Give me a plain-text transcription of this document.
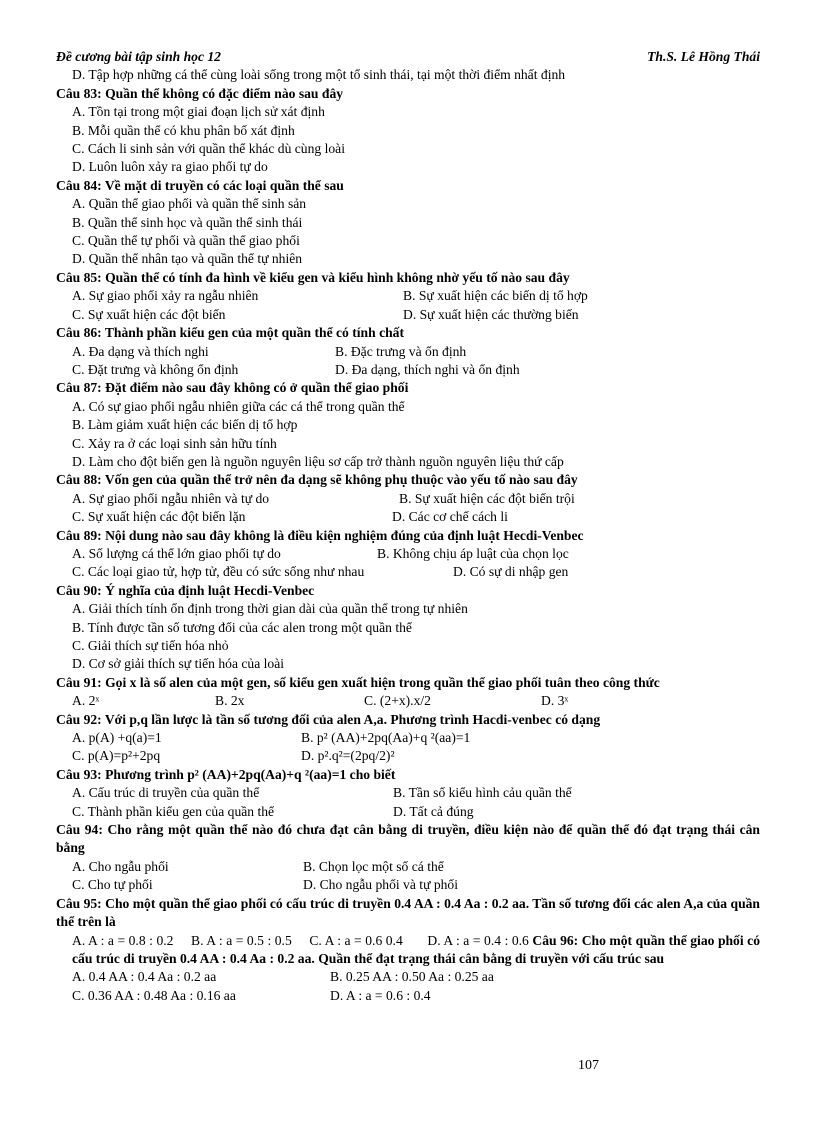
Đề cương bài tập sinh học 12	Th.S. Lê Hồng Thái
D. Tập hợp những cá thể cùng loài sống trong một tổ sinh thái, tại một thời điểm nhất định
Câu 83: Quần thể không có đặc điểm nào sau đây
A. Tồn tại trong một giai đoạn lịch sử xát định
B. Mỗi quần thể có khu phân bố xát định
C. Cách li sinh sản với quần thể khác dù cùng loài
D. Luôn luôn xảy ra giao phối tự do
Câu 84: Về mặt di truyền có các loại quần thể sau
A. Quần thể giao phối và quần thể sinh sản
B. Quần thể sinh học và quần thể sinh thái
C. Quần thể tự phối và quần thể giao phối
D. Quần thể nhân tạo và quần thể tự nhiên
Câu 85: Quần thể có tính đa hình về kiểu gen và kiểu hình không nhờ yếu tố nào sau đây
A. Sự giao phối xảy ra ngẫu nhiên	B. Sự xuất hiện các biến dị tổ hợp
C. Sự xuất hiện các đột biến	D. Sự xuất hiện các thường biến
Câu 86: Thành phần kiểu gen của một quần thể có tính chất
A. Đa dạng và thích nghi	B. Đặc trưng và ổn định
C. Đặt trưng và không ổn định	D. Đa dạng, thích nghi và ổn định
Câu 87: Đặt điểm nào sau đây không có ở quần thể giao phối
A. Có sự giao phối ngẫu nhiên giữa các cá thể trong quần thể
B. Làm giảm xuất hiện các biến dị tổ hợp
C. Xảy ra ở các loại sinh sản hữu tính
D. Làm cho đột biến gen là nguồn nguyên liệu sơ cấp trở thành nguồn nguyên liệu thứ cấp
Câu 88: Vốn gen của quần thể trở nên đa dạng sẽ không phụ thuộc vào yếu tố nào sau đây
A. Sự giao phối ngẫu nhiên và tự do	B. Sự xuất hiện các đột biến trội
C. Sự xuất hiện các đột biến lặn	D. Các cơ chế cách li
Câu 89: Nội dung nào sau đây không là điều kiện nghiệm đúng của định luật Hecdi-Venbec
A. Số lượng cá thể lớn giao phối tự do	B. Không chịu áp luật của chọn lọc
C. Các loại giao tử, hợp tử, đều có sức sống như nhau	D. Có sự di nhập gen
Câu 90: Ý nghĩa của định luật Hecdi-Venbec
A. Giải thích tính ổn định trong thời gian dài của quần thể trong tự nhiên
B. Tính được tần số tương đối của các alen trong một quần thể
C. Giải thích sự tiến hóa nhỏ
D. Cơ sở giải thích sự tiến hóa của loài
Câu 91: Gọi x là số alen của một gen, số kiểu gen xuất hiện trong quần thể giao phối tuân theo công thức
A. 2ˣ	B. 2x	C. (2+x).x/2	D. 3ˣ
Câu 92: Với p,q lần lược là tần số tương đối của alen A,a. Phương trình Hacdi-venbec có dạng
A. p(A) +q(a)=1	B. p² (AA)+2pq(Aa)+q ²(aa)=1
C. p(A)=p²+2pq	D. p².q²=(2pq/2)²
Câu 93: Phương trình p² (AA)+2pq(Aa)+q ²(aa)=1 cho biết
A. Cấu trúc di truyền của quần thể	B. Tần số kiểu hình cảu quần thể
C. Thành phần kiểu gen của quần thể	D. Tất cả đúng
Câu 94: Cho rằng một quần thể nào đó chưa đạt cân bằng di truyền, điều kiện nào để quần thể đó đạt trạng thái cân bằng
A. Cho ngẫu phối	B. Chọn lọc một số cá thể
C. Cho tự phối	D. Cho ngẫu phối và tự phối
Câu 95: Cho một quần thể giao phối có cấu trúc di truyền 0.4 AA : 0.4 Aa : 0.2 aa. Tần số tương đối các alen A,a của quần thể trên là
A. A : a = 0.8 : 0.2     B. A : a = 0.5 : 0.5     C. A : a = 0.6 0.4       D. A : a = 0.4 : 0.6 Câu 96: Cho một quần thể giao phối có cấu trúc di truyền 0.4 AA : 0.4 Aa : 0.2 aa. Quần thể đạt trạng thái cân bằng di truyền với cấu trúc sau
A. 0.4 AA : 0.4 Aa : 0.2 aa	B. 0.25 AA : 0.50 Aa : 0.25 aa
C. 0.36 AA : 0.48 Aa : 0.16 aa	D. A : a = 0.6 : 0.4
107
